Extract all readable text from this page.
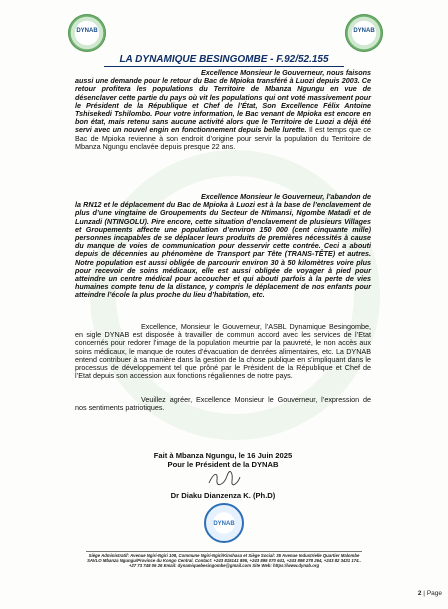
DYNAB	DYNAB
LA DYNAMIQUE BESINGOMBE - F.92/52.155
Excellence Monsieur le Gouverneur, nous faisons aussi une demande pour le retour du Bac de Mpioka transféré à Luozi depuis 2003. Ce retour profitera les populations du Territoire de Mbanza Ngungu en vue de désenclaver cette partie du pays où vit les populations qui ont voté massivement pour le Président de la République et Chef de l’État, Son Excellence Félix Antoine Tshisekedi Tshilombo. Pour votre information, le Bac venant de Mpioka est encore en bon état, mais retenu sans aucune activité alors que le Territoire de Luozi a déjà été servi avec un nouvel engin en fonctionnement depuis belle lurette. Il est temps que ce Bac de Mpioka revienne à son endroit d’origine pour servir la population du Territoire de Mbanza Ngungu enclavée depuis presque 22 ans.
Excellence Monsieur le Gouverneur, l’abandon de la RN12 et le déplacement du Bac de Mpioka à Luozi est à la base de l’enclavement de plus d’une vingtaine de Groupements du Secteur de Ntimansi, Ngombe Matadi et de Lunzadi (NTINGOLU). Pire encore, cette situation d’enclavement de plusieurs Villages et Groupements affecte une population d’environ 150 000 (cent cinquante mille) personnes incapables de se déplacer leurs produits de premières nécessités à cause du manque de voies de communication pour desservir cette contrée. Ceci a abouti depuis de décennies au phénomène de Transport par Tête (TRANS-TÊTE) et autres. Notre population est aussi obligée de parcourir environ 30 à 50 kilomètres voire plus pour recevoir de soins médicaux, elle est aussi obligée de voyager à pied pour atteindre un centre médical pour accoucher et qui abouti parfois à la perte de vies humaines compte tenu de la distance, y compris le déplacement de nos enfants pour atteindre l’école la plus proche du lieu d’habitation, etc.
Excellence, Monsieur le Gouverneur, l’ASBL Dynamique Besingombe, en sigle DYNAB est disposée à travailler de commun accord avec les services de l’Etat concernés pour redorer l’image de la population meurtrie par la pauvreté, le non accès aux soins médicaux, le manque de routes d’évacuation de denrées alimentaires, etc. La DYNAB entend contribuer à sa manière dans la gestion de la chose publique en s’impliquant dans le processus de développement tel que prôné par le Président de la République et Chef de l’Etat depuis son accession aux fonctions régaliennes de notre pays.
Veuillez agréer, Excellence Monsieur le Gouverneur, l’expression de nos sentiments patriotiques.
Fait à Mbanza Ngungu, le 16 Juin 2025
Pour le Président de la DYNAB
Dr Diaku Dianzenza K. (Ph.D)
DYNAB
Siège Administratif: Avenue Ngiri-Ngiri 108, Commune Ngiri-Ngiri/Kinshasa et Siège Social: 35 Avenue Industrielle Quartier Malombe
SAVLO Mbanza Ngungu/Province du Kongo Central. Contact: +243 815141 895, +243 895 070 641, +243 898 278 264, +243 82 3431 174..
+27 73 748 06 26 Email: dynamiquebesingombe@gmail.com Site Web: https://www.dynab.org
2 | Page
